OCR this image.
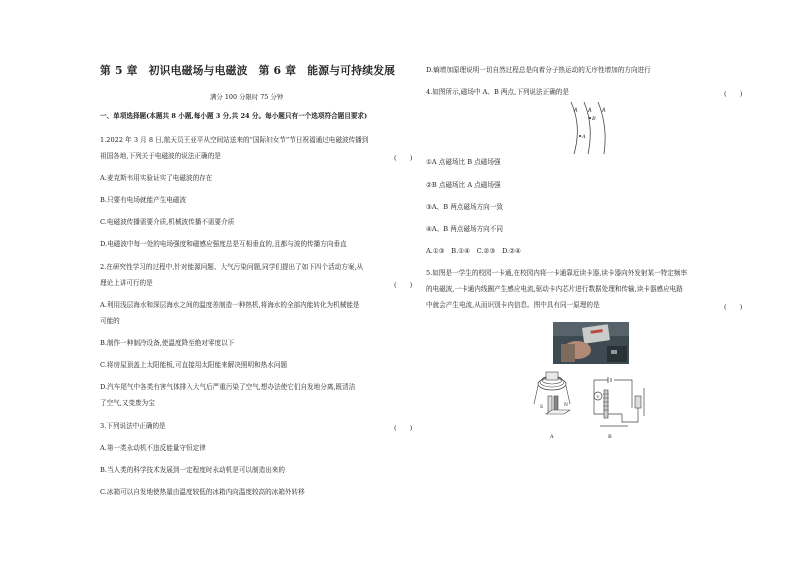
第 5 章　初识电磁场与电磁波　第 6 章　能源与可持续发展
满分 100 分限时 75 分钟
一、单项选择题(本题共 8 小题,每小题 3 分,共 24 分。每小题只有一个选项符合题目要求)
1.2022 年 3 月 8 日,航天员王亚平从空间站送来的“国际妇女节”节日祝福通过电磁波传播到
祖国各地,下列关于电磁波的说法正确的是	(　　)
A.麦克斯韦用实验证实了电磁波的存在
B.只要有电场就能产生电磁波
C.电磁波传播需要介质,机械波传播不需要介质
D.电磁波中每一处的电场强度和磁感应强度总是互相垂直的,且都与波的传播方向垂直
2.在研究性学习的过程中,针对能源问题、大气污染问题,同学们提出了如下四个活动方案,从
理论上讲可行的是	(　　)
A.利用浅层海水和深层海水之间的温度差制造一种热机,将海水的全部内能转化为机械能是
可能的
B.制作一种制冷设备,使温度降至绝对零度以下
C.将房屋顶盖上太阳能板,可直接用太阳能来解决照明和热水问题
D.汽车尾气中各类有害气体排入大气后严重污染了空气,想办法使它们自发地分离,既清洁
了空气,又变废为宝
3.下列说法中正确的是	(　　)
A.第一类永动机不违反能量守恒定律
B.当人类的科学技术发展到一定程度时永动机是可以制造出来的
C.冰箱可以自发地使热量由温度较低的冰箱内向温度较高的冰箱外转移
D.熵增加原理说明一切自然过程总是向着分子热运动的无序性增加的方向进行
4.如图所示,磁场中 A、B 两点,下列说法正确的是	(　　)
B
A
①A 点磁场比 B 点磁场强
②B 点磁场比 A 点磁场强
③A、B 两点磁场方向一致
④A、B 两点磁场方向不同
A.①③　B.①④　C.②③　D.②④
5.如图是一学生的校园一卡通,在校园内将一卡通靠近读卡器,读卡器向外发射某一特定频率
的电磁波,一卡通内线圈产生感应电流,驱动卡内芯片进行数据处理和传输,读卡器感应电路
中就会产生电流,从而识别卡内信息。图中具有同一原理的是	(　　)
S	N
A
V
B
